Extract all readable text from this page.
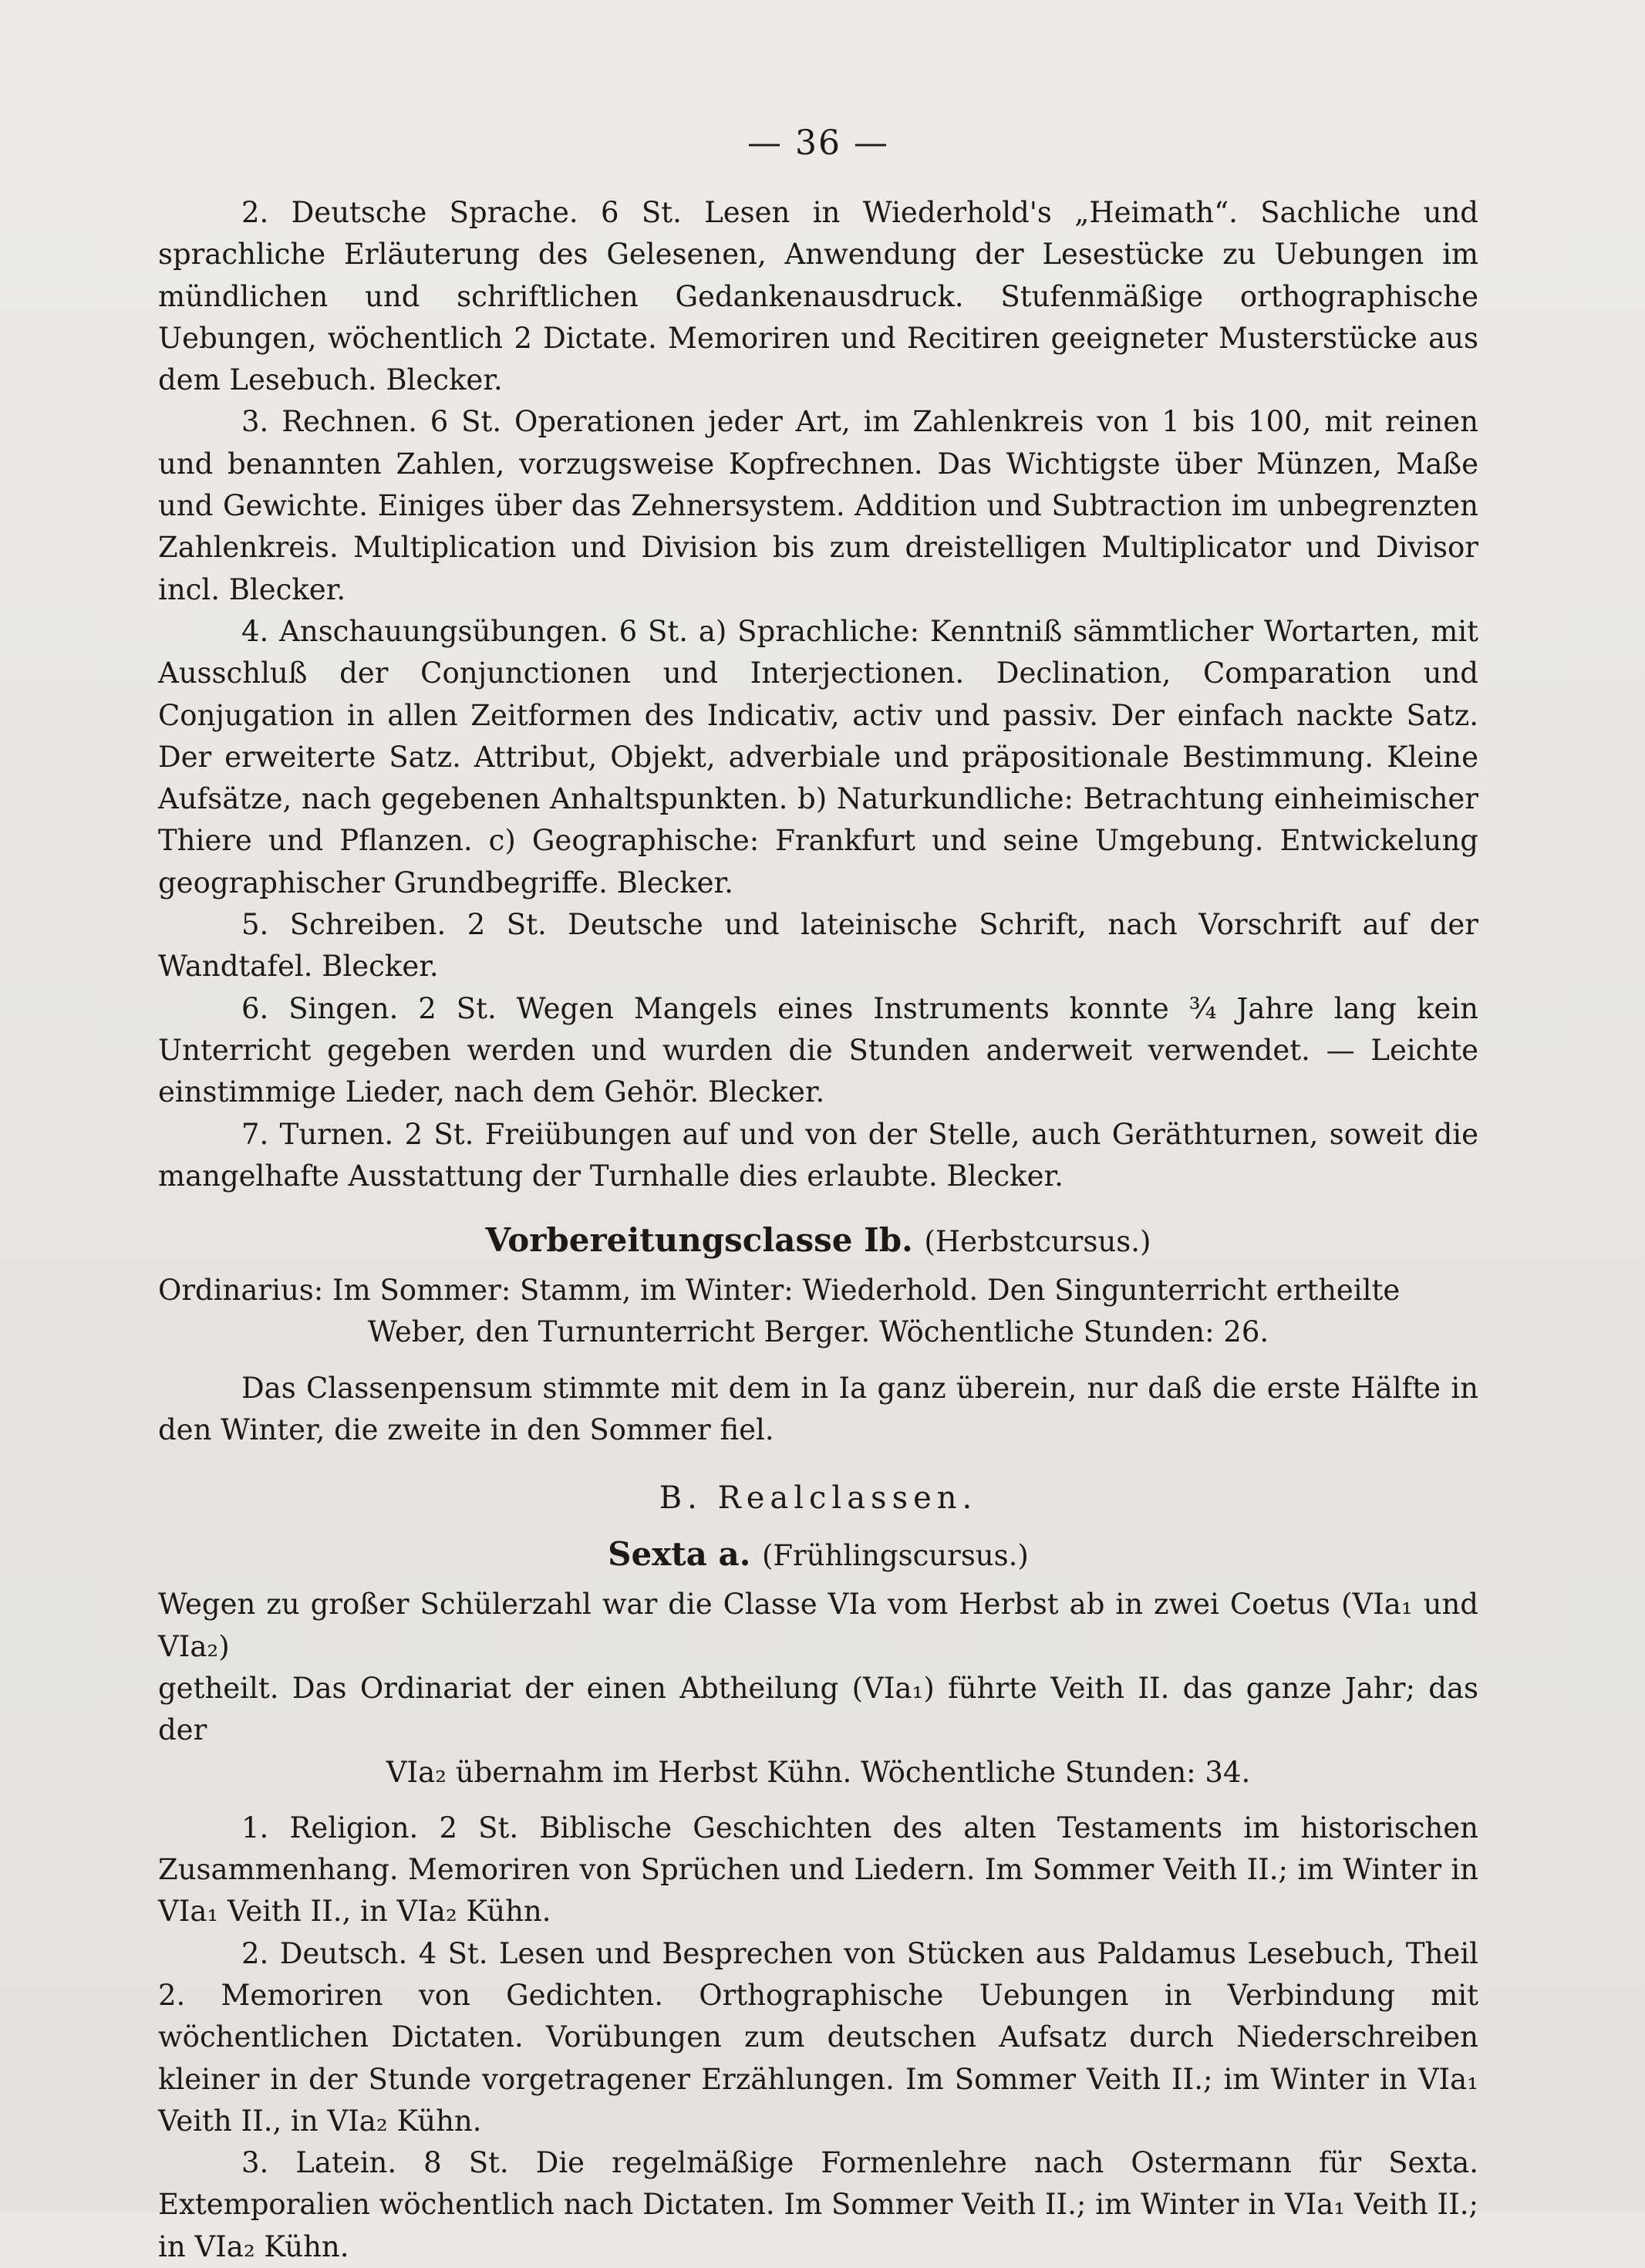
— 36 —

2. Deutsche Sprache. 6 St. Lesen in Wiederhold's „Heimath“. Sachliche und sprachliche Erläuterung des Gelesenen, Anwendung der Lesestücke zu Uebungen im mündlichen und schriftlichen Gedankenausdruck. Stufenmäßige orthographische Uebungen, wöchentlich 2 Dictate. Memoriren und Recitiren geeigneter Musterstücke aus dem Lesebuch. Blecker.

3. Rechnen. 6 St. Operationen jeder Art, im Zahlenkreis von 1 bis 100, mit reinen und benannten Zahlen, vorzugsweise Kopfrechnen. Das Wichtigste über Münzen, Maße und Gewichte. Einiges über das Zehnersystem. Addition und Subtraction im unbegrenzten Zahlenkreis. Multiplication und Division bis zum dreistelligen Multiplicator und Divisor incl. Blecker.

4. Anschauungsübungen. 6 St. a) Sprachliche: Kenntniß sämmtlicher Wortarten, mit Ausschluß der Conjunctionen und Interjectionen. Declination, Comparation und Conjugation in allen Zeitformen des Indicativ, activ und passiv. Der einfach nackte Satz. Der erweiterte Satz. Attribut, Objekt, adverbiale und präpositionale Bestimmung. Kleine Aufsätze, nach gegebenen Anhaltspunkten. b) Naturkundliche: Betrachtung einheimischer Thiere und Pflanzen. c) Geographische: Frankfurt und seine Umgebung. Entwickelung geographischer Grundbegriffe. Blecker.

5. Schreiben. 2 St. Deutsche und lateinische Schrift, nach Vorschrift auf der Wandtafel. Blecker.

6. Singen. 2 St. Wegen Mangels eines Instruments konnte ¾ Jahre lang kein Unterricht gegeben werden und wurden die Stunden anderweit verwendet. — Leichte einstimmige Lieder, nach dem Gehör. Blecker.

7. Turnen. 2 St. Freiübungen auf und von der Stelle, auch Geräthturnen, soweit die mangelhafte Ausstattung der Turnhalle dies erlaubte. Blecker.

Vorbereitungsclasse Ib. (Herbstcursus.)

Ordinarius: Im Sommer: Stamm, im Winter: Wiederhold. Den Singunterricht ertheilte

Weber, den Turnunterricht Berger. Wöchentliche Stunden: 26.

Das Classenpensum stimmte mit dem in Ia ganz überein, nur daß die erste Hälfte in den Winter, die zweite in den Sommer fiel.

B. Realclassen.
Sexta a. (Frühlingscursus.)

Wegen zu großer Schülerzahl war die Classe VIa vom Herbst ab in zwei Coetus (VIa₁ und VIa₂)

getheilt. Das Ordinariat der einen Abtheilung (VIa₁) führte Veith II. das ganze Jahr; das der

VIa₂ übernahm im Herbst Kühn. Wöchentliche Stunden: 34.

1. Religion. 2 St. Biblische Geschichten des alten Testaments im historischen Zusammenhang. Memoriren von Sprüchen und Liedern. Im Sommer Veith II.; im Winter in VIa₁ Veith II., in VIa₂ Kühn.

2. Deutsch. 4 St. Lesen und Besprechen von Stücken aus Paldamus Lesebuch, Theil 2. Memoriren von Gedichten. Orthographische Uebungen in Verbindung mit wöchentlichen Dictaten. Vorübungen zum deutschen Aufsatz durch Niederschreiben kleiner in der Stunde vorgetragener Erzählungen. Im Sommer Veith II.; im Winter in VIa₁ Veith II., in VIa₂ Kühn.

3. Latein. 8 St. Die regelmäßige Formenlehre nach Ostermann für Sexta. Extemporalien wöchentlich nach Dictaten. Im Sommer Veith II.; im Winter in VIa₁ Veith II.; in VIa₂ Kühn.
